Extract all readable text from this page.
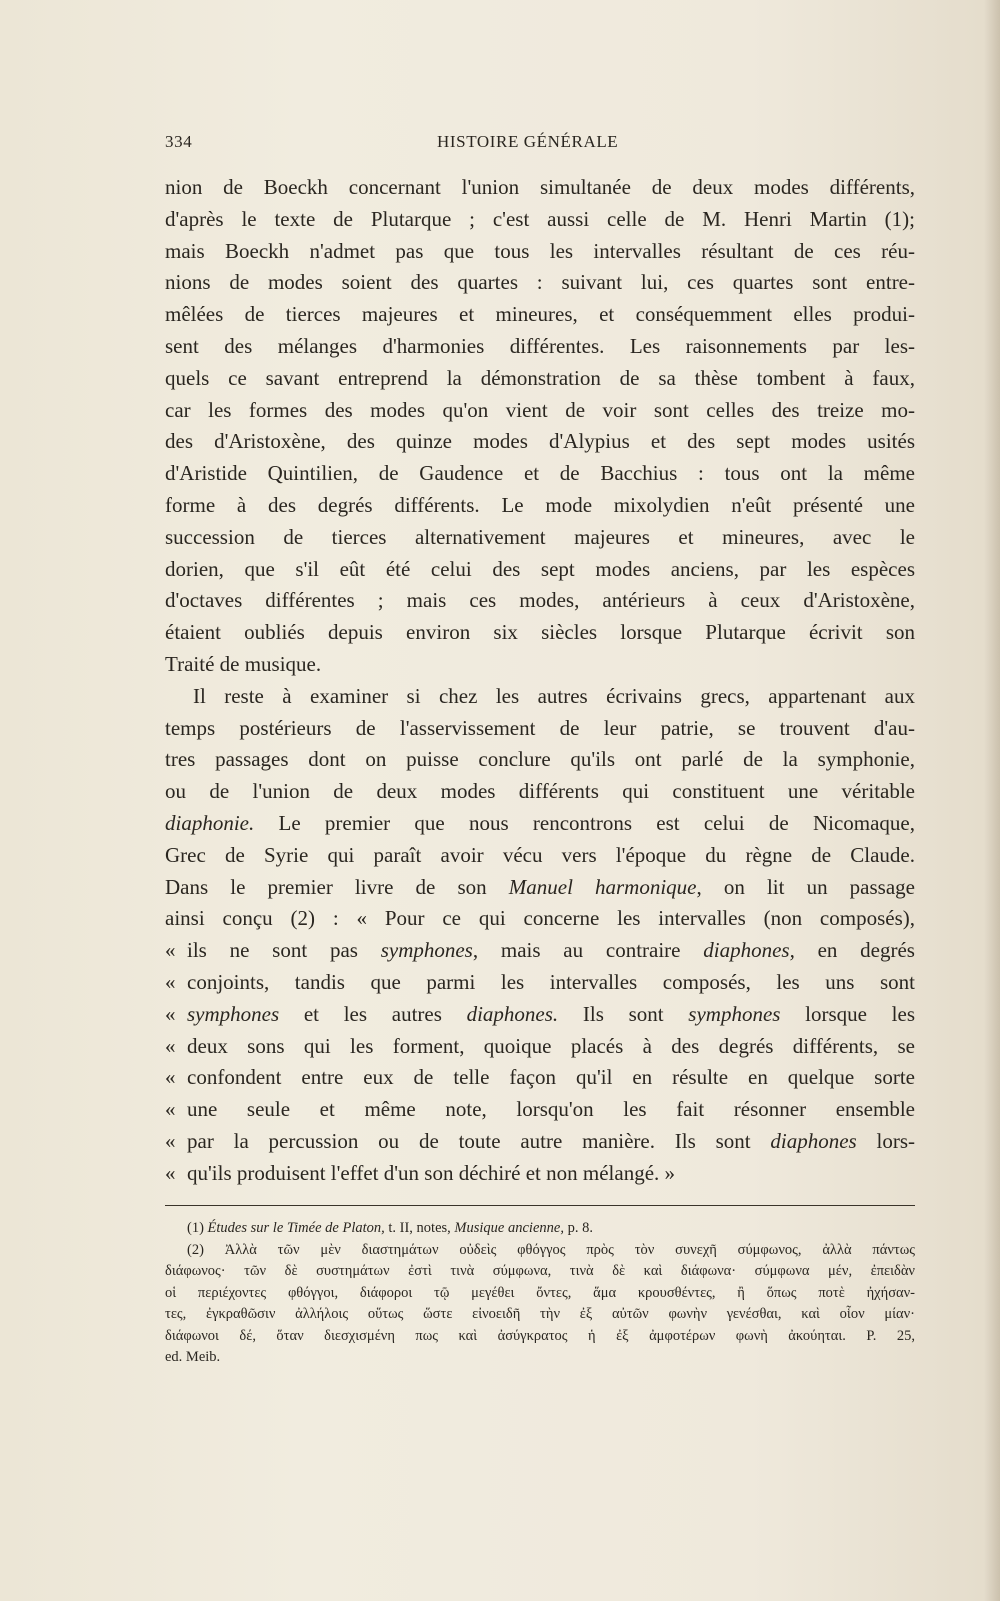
334	HISTOIRE GÉNÉRALE
nion de Boeckh concernant l'union simultanée de deux modes différents,
d'après le texte de Plutarque ; c'est aussi celle de M. Henri Martin (1);
mais Boeckh n'admet pas que tous les intervalles résultant de ces réu-
nions de modes soient des quartes : suivant lui, ces quartes sont entre-
mêlées de tierces majeures et mineures, et conséquemment elles produi-
sent des mélanges d'harmonies différentes. Les raisonnements par les-
quels ce savant entreprend la démonstration de sa thèse tombent à faux,
car les formes des modes qu'on vient de voir sont celles des treize mo-
des d'Aristoxène, des quinze modes d'Alypius et des sept modes usités
d'Aristide Quintilien, de Gaudence et de Bacchius : tous ont la même
forme à des degrés différents. Le mode mixolydien n'eût présenté une
succession de tierces alternativement majeures et mineures, avec le
dorien, que s'il eût été celui des sept modes anciens, par les espèces
d'octaves différentes ; mais ces modes, antérieurs à ceux d'Aristoxène,
étaient oubliés depuis environ six siècles lorsque Plutarque écrivit son
Traité de musique.
Il reste à examiner si chez les autres écrivains grecs, appartenant aux
temps postérieurs de l'asservissement de leur patrie, se trouvent d'au-
tres passages dont on puisse conclure qu'ils ont parlé de la symphonie,
ou de l'union de deux modes différents qui constituent une véritable
diaphonie. Le premier que nous rencontrons est celui de Nicomaque,
Grec de Syrie qui paraît avoir vécu vers l'époque du règne de Claude.
Dans le premier livre de son Manuel harmonique, on lit un passage
ainsi conçu (2) : « Pour ce qui concerne les intervalles (non composés),
« ils ne sont pas symphones, mais au contraire diaphones, en degrés
« conjoints, tandis que parmi les intervalles composés, les uns sont
« symphones et les autres diaphones. Ils sont symphones lorsque les
« deux sons qui les forment, quoique placés à des degrés différents, se
« confondent entre eux de telle façon qu'il en résulte en quelque sorte
« une seule et même note, lorsqu'on les fait résonner ensemble
« par la percussion ou de toute autre manière. Ils sont diaphones lors-
« qu'ils produisent l'effet d'un son déchiré et non mélangé. »
(1) Études sur le Timée de Platon, t. II, notes, Musique ancienne, p. 8.
(2) Ἀλλὰ τῶν μὲν διαστημάτων οὐδεὶς φθόγγος πρὸς τὸν συνεχῆ σύμφωνος, ἀλλὰ πάντως
διάφωνος· τῶν δὲ συστημάτων ἐστὶ τινὰ σύμφωνα, τινὰ δὲ καὶ διάφωνα· σύμφωνα μέν, ἐπειδὰν
οἱ περιέχοντες φθόγγοι, διάφοροι τῷ μεγέθει ὄντες, ἅμα κρουσθέντες, ἢ ὅπως ποτὲ ἠχήσαν-
τες, ἐγκραθῶσιν ἀλλήλοις οὕτως ὥστε εἰνοειδῆ τὴν ἐξ αὐτῶν φωνὴν γενέσθαι, καὶ οἷον μίαν·
διάφωνοι δέ, ὅταν διεσχισμένη πως καὶ ἀσύγκρατος ἡ ἐξ ἀμφοτέρων φωνὴ ἀκούηται. P. 25,
ed. Meib.
